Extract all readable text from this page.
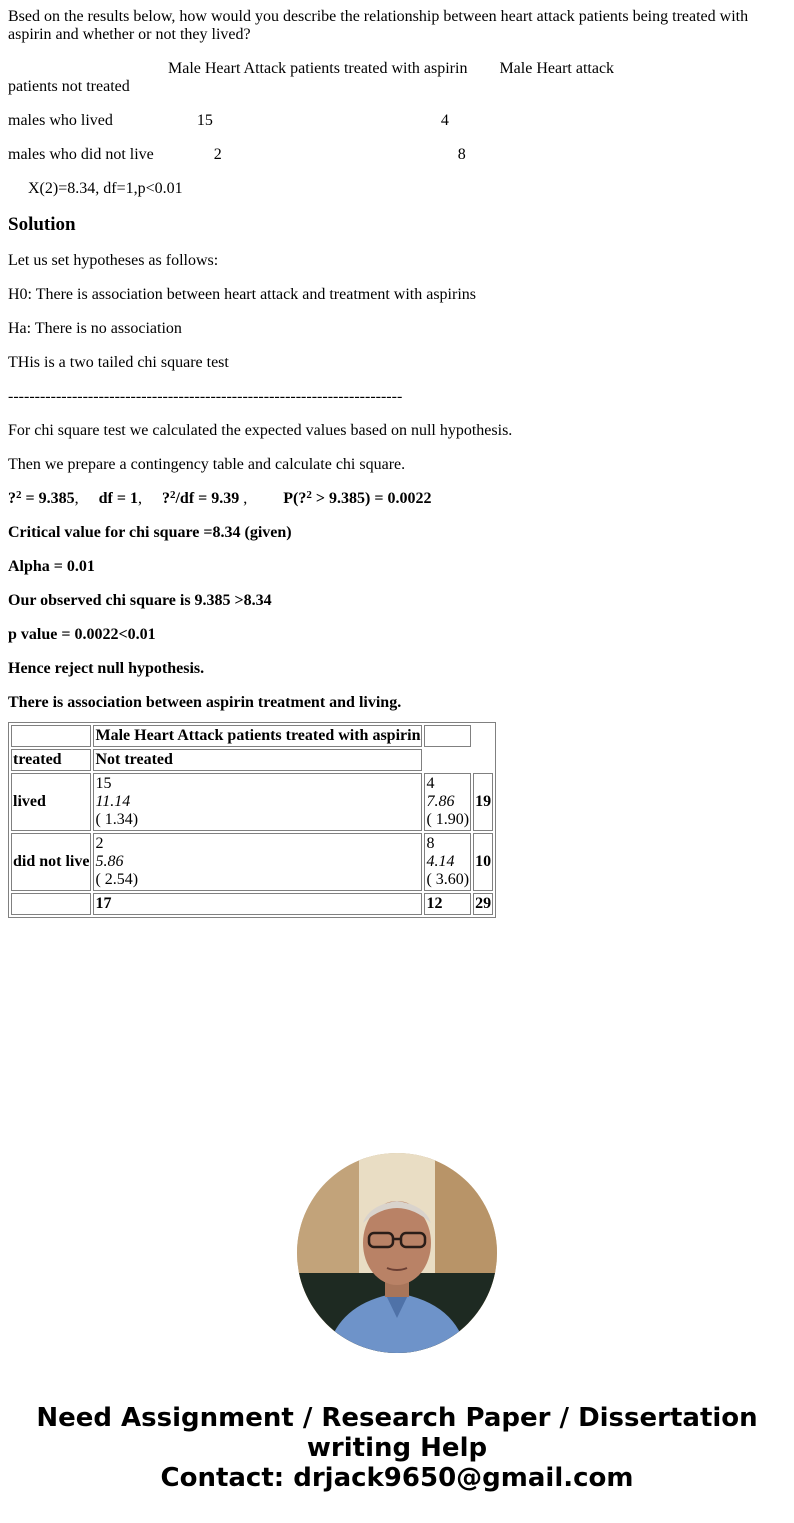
Bsed on the results below, how would you describe the relationship between heart attack patients being treated with aspirin and whether or not they lived?

Male Heart Attack patients treated with aspirin        Male Heart attack
patients not treated

males who lived                     15                                                         4

males who did not live               2                                                           8

X(2)=8.34, df=1,p<0.01

Solution

Let us set hypotheses as follows:

H0: There is association between heart attack and treatment with aspirins

Ha: There is no association

THis is a two tailed chi square test

--------------------------------------------------------------------------

For chi square test we calculated the expected values based on null hypothesis.

Then we prepare a contingency table and calculate chi square.

?$^2$ = 9.385,     df = 1,     ?$^2$/df = 9.39 ,         P(?$^2$ > 9.385) = 0.0022

Critical value for chi square =8.34 (given)

Alpha = 0.01

Our observed chi square is 9.385 >8.34

p value = 0.0022<0.01

Hence reject null hypothesis.

There is association between aspirin treatment and living.

	Male Heart Attack patients treated with aspirin		
treated	Not treated		
lived	15
11.14
( 1.34)	4
7.86
( 1.90)	19
did not live	2
5.86
( 2.54)	8
4.14
( 3.60)	10
	17	12	29
Need Assignment / Research Paper / Dissertation
writing Help
Contact: drjack9650@gmail.com
